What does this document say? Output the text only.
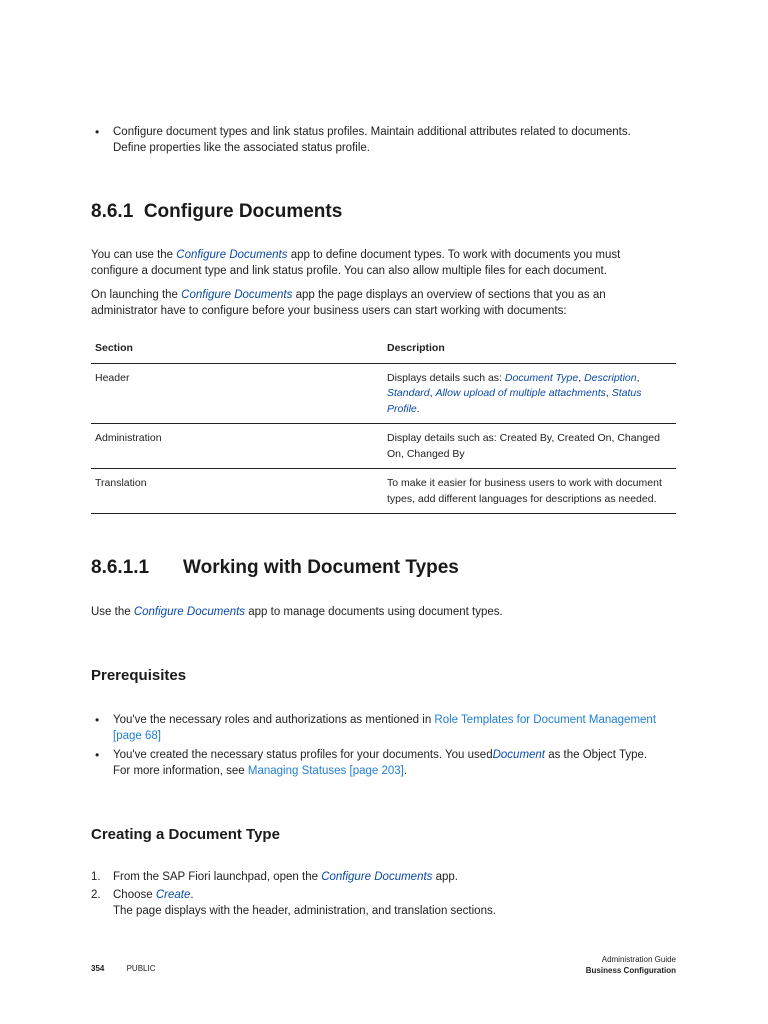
• Configure document types and link status profiles. Maintain additional attributes related to documents.
Define properties like the associated status profile.
8.6.1 Configure Documents

You can use the Configure Documents app to define document types. To work with documents you must
configure a document type and link status profile. You can also allow multiple files for each document.

On launching the Configure Documents app the page displays an overview of sections that you as an
administrator have to configure before your business users can start working with documents:

Section	Description
Header	Displays details such as: Document Type, Description, Standard, Allow upload of multiple attachments, Status Profile.
Administration	Display details such as: Created By, Created On, Changed On, Changed By
Translation	To make it easier for business users to work with document types, add different languages for descriptions as needed.
8.6.1.1 Working with Document Types

Use the Configure Documents app to manage documents using document types.

Prerequisites
• You've the necessary roles and authorizations as mentioned in Role Templates for Document Management
[page 68]
• You've created the necessary status profiles for your documents. You usedDocument as the Object Type.
For more information, see Managing Statuses [page 203].
Creating a Document Type
1. From the SAP Fiori launchpad, open the Configure Documents app.
2. Choose Create.
The page displays with the header, administration, and translation sections.
354	PUBLIC
Administration Guide
Business Configuration
